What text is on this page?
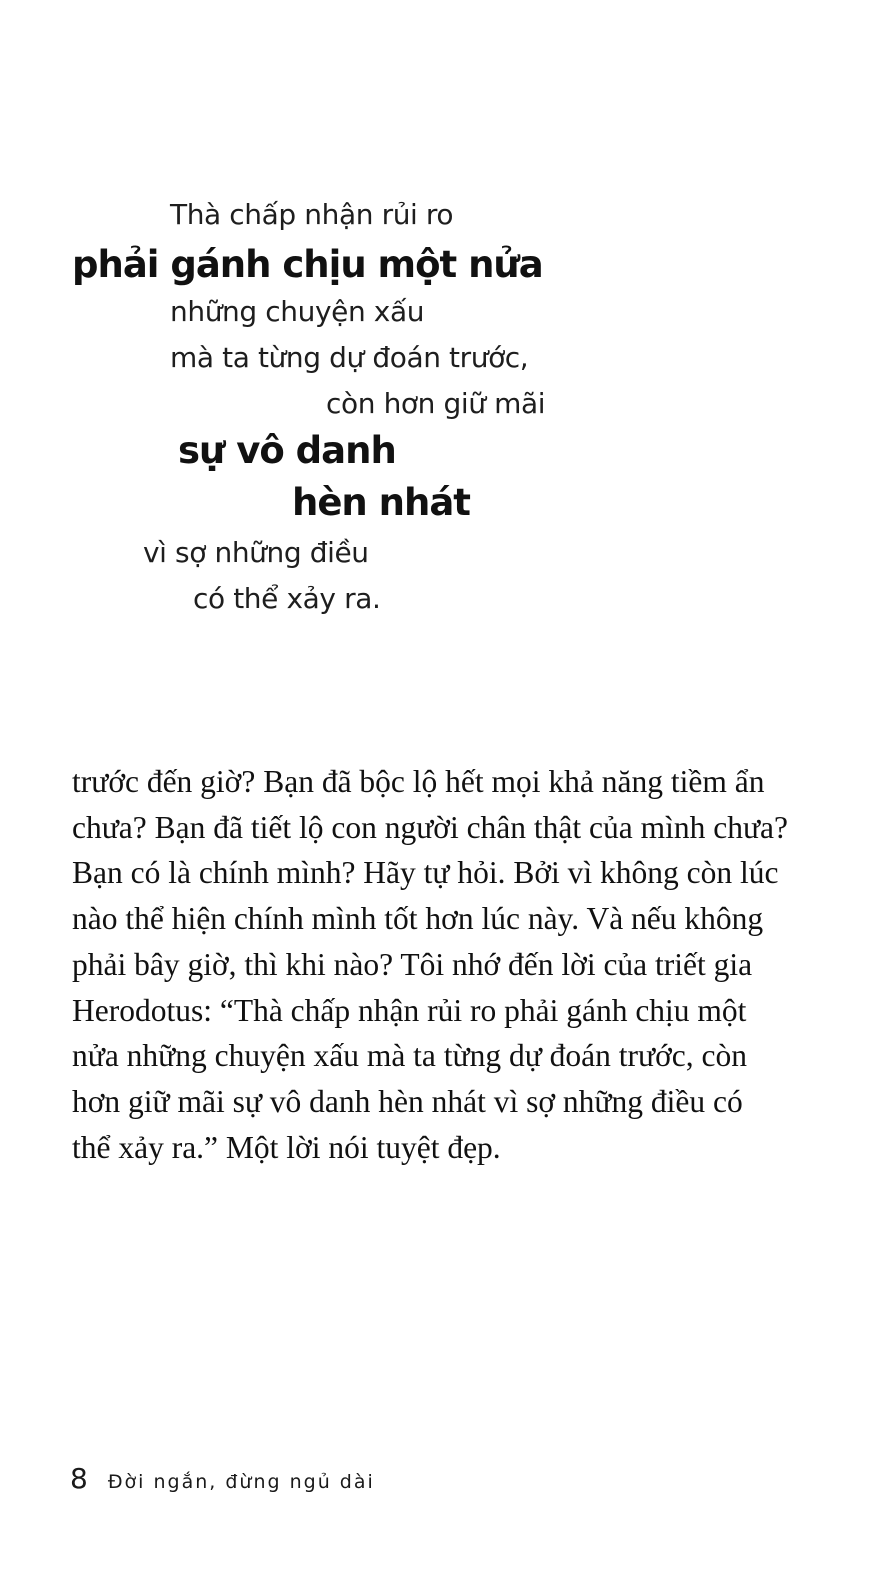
Thà chấp nhận rủi ro

phải gánh chịu một nửa

những chuyện xấu

mà ta từng dự đoán trước,

còn hơn giữ mãi

sự vô danh

hèn nhát

vì sợ những điều

có thể xảy ra.

trước đến giờ? Bạn đã bộc lộ hết mọi khả năng tiềm ẩn
chưa? Bạn đã tiết lộ con người chân thật của mình chưa?
Bạn có là chính mình? Hãy tự hỏi. Bởi vì không còn lúc
nào thể hiện chính mình tốt hơn lúc này. Và nếu không
phải bây giờ, thì khi nào? Tôi nhớ đến lời của triết gia
Herodotus: “Thà chấp nhận rủi ro phải gánh chịu một
nửa những chuyện xấu mà ta từng dự đoán trước, còn
hơn giữ mãi sự vô danh hèn nhát vì sợ những điều có
thể xảy ra.” Một lời nói tuyệt đẹp.
8 Đời ngắn, đừng ngủ dài
